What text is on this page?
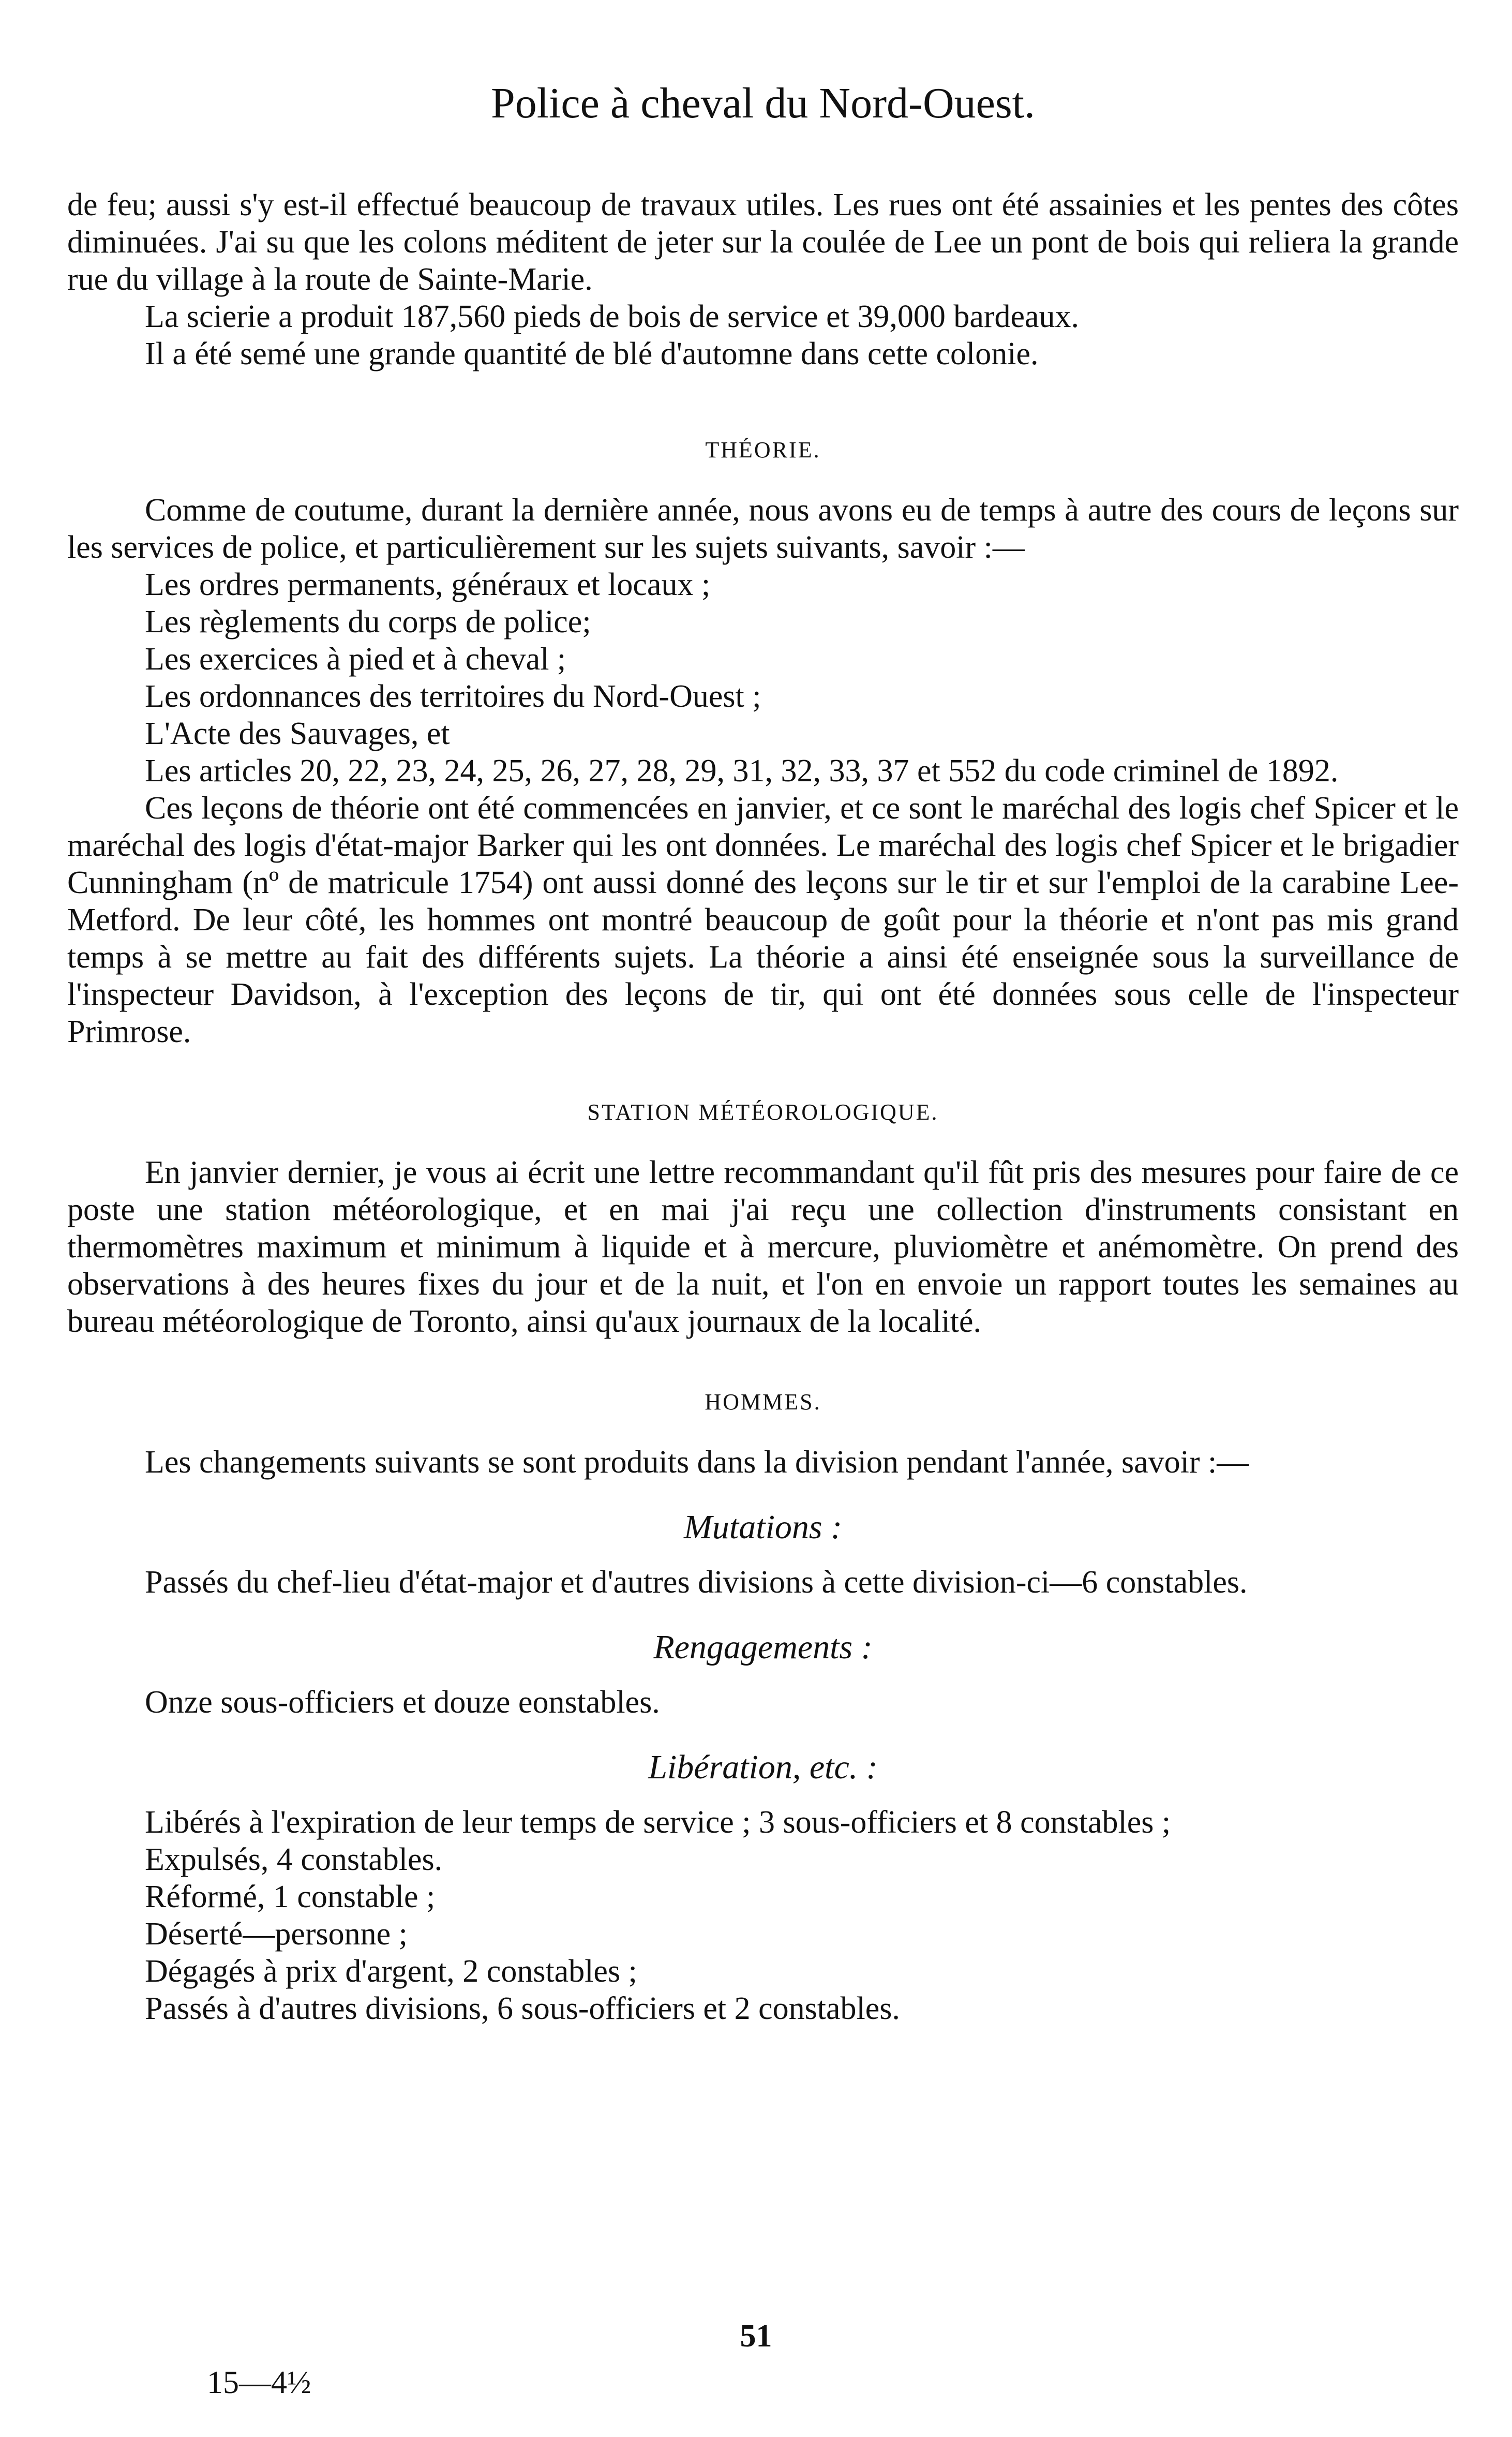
Police à cheval du Nord-Ouest.

de feu; aussi s'y est-il effectué beaucoup de travaux utiles. Les rues ont été assainies et les pentes des côtes diminuées. J'ai su que les colons méditent de jeter sur la coulée de Lee un pont de bois qui reliera la grande rue du village à la route de Sainte-Marie.

La scierie a produit 187,560 pieds de bois de service et 39,000 bardeaux.

Il a été semé une grande quantité de blé d'automne dans cette colonie.

THÉORIE.

Comme de coutume, durant la dernière année, nous avons eu de temps à autre des cours de leçons sur les services de police, et particulièrement sur les sujets suivants, savoir :—

Les ordres permanents, généraux et locaux ;

Les règlements du corps de police;

Les exercices à pied et à cheval ;

Les ordonnances des territoires du Nord-Ouest ;

L'Acte des Sauvages, et

Les articles 20, 22, 23, 24, 25, 26, 27, 28, 29, 31, 32, 33, 37 et 552 du code criminel de 1892.

Ces leçons de théorie ont été commencées en janvier, et ce sont le maréchal des logis chef Spicer et le maréchal des logis d'état-major Barker qui les ont données. Le maréchal des logis chef Spicer et le brigadier Cunningham (nº de matricule 1754) ont aussi donné des leçons sur le tir et sur l'emploi de la carabine Lee-Metford. De leur côté, les hommes ont montré beaucoup de goût pour la théorie et n'ont pas mis grand temps à se mettre au fait des différents sujets. La théorie a ainsi été enseignée sous la surveillance de l'inspecteur Davidson, à l'exception des leçons de tir, qui ont été données sous celle de l'inspecteur Primrose.

STATION MÉTÉOROLOGIQUE.

En janvier dernier, je vous ai écrit une lettre recommandant qu'il fût pris des mesures pour faire de ce poste une station météorologique, et en mai j'ai reçu une collection d'instruments consistant en thermomètres maximum et minimum à liquide et à mercure, pluviomètre et anémomètre. On prend des observations à des heures fixes du jour et de la nuit, et l'on en envoie un rapport toutes les semaines au bureau météorologique de Toronto, ainsi qu'aux journaux de la localité.

HOMMES.

Les changements suivants se sont produits dans la division pendant l'année, savoir :—

Mutations :

Passés du chef-lieu d'état-major et d'autres divisions à cette division-ci—6 constables.

Rengagements :

Onze sous-officiers et douze eonstables.

Libération, etc. :

Libérés à l'expiration de leur temps de service ; 3 sous-officiers et 8 constables ;

Expulsés, 4 constables.

Réformé, 1 constable ;

Déserté—personne ;

Dégagés à prix d'argent, 2 constables ;

Passés à d'autres divisions, 6 sous-officiers et 2 constables.

51
15—4½
